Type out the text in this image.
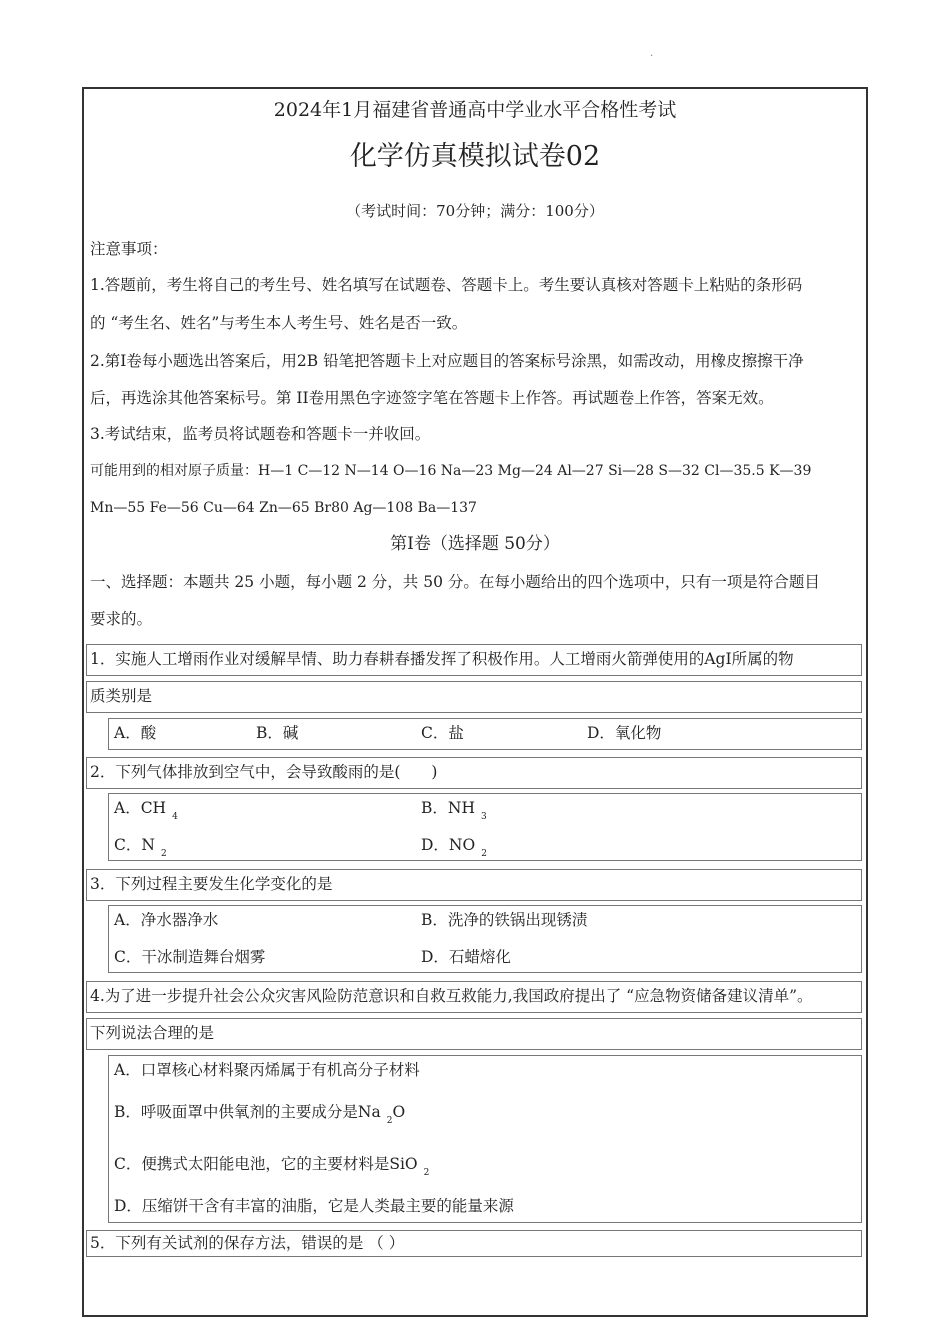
.
2024年1月福建省普通高中学业水平合格性考试
化学仿真模拟试卷02
（考试时间：70分钟；满分：100分）
注意事项：
1.答题前，考生将自己的考生号、姓名填写在试题卷、答题卡上。考生要认真核对答题卡上粘贴的条形码
的 “考生名、姓名”与考生本人考生号、姓名是否一致。
2.第Ⅰ卷每小题选出答案后，用2B 铅笔把答题卡上对应题目的答案标号涂黑，如需改动，用橡皮擦擦干净
后，再选涂其他答案标号。第 II卷用黑色字迹签字笔在答题卡上作答。再试题卷上作答，答案无效。
3.考试结束，监考员将试题卷和答题卡一并收回。
可能用到的相对原子质量：H—1 C—12 N—14 O—16 Na—23 Mg—24 Al—27 Si—28 S—32 Cl—35.5 K—39
Mn—55 Fe—56 Cu—64 Zn—65 Br80 Ag—108 Ba—137
第Ⅰ卷（选择题 50分）
一、选择题：本题共 25 小题，每小题 2 分，共 50 分。在每小题给出的四个选项中，只有一项是符合题目
要求的。
1．实施人工增雨作业对缓解旱情、助力春耕春播发挥了积极作用。人工增雨火箭弹使用的AgI所属的物
质类别是
A．酸	B．碱	C．盐	D．氧化物
2．下列气体排放到空气中，会导致酸雨的是(　　)
A．CH $_4$	B．NH $_3$
C．N $_2$	D．NO $_2$
3．下列过程主要发生化学变化的是
A．净水器净水	B．洗净的铁锅出现锈渍
C．干冰制造舞台烟雾	D．石蜡熔化
4.为了进一步提升社会公众灾害风险防范意识和自救互救能力,我国政府提出了 “应急物资储备建议清单”。
下列说法合理的是
A．口罩核心材料聚丙烯属于有机高分子材料
B．呼吸面罩中供氧剂的主要成分是Na $_2$O
C．便携式太阳能电池，它的主要材料是SiO $_2$
D．压缩饼干含有丰富的油脂，它是人类最主要的能量来源
5．下列有关试剂的保存方法，错误的是 （ ）
